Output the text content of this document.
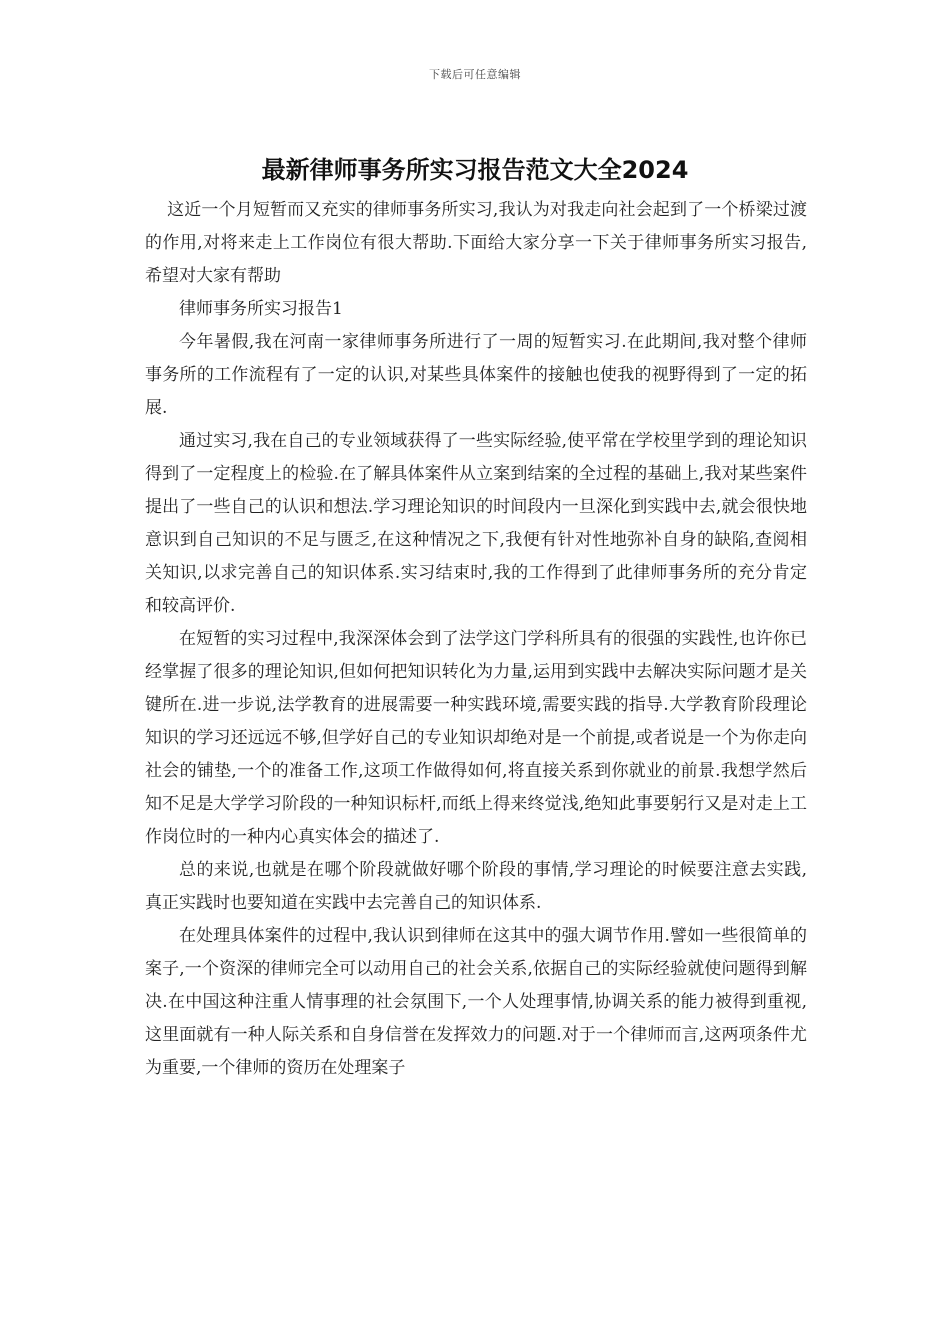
下载后可任意编辑
最新律师事务所实习报告范文大全2024

这近一个月短暂而又充实的律师事务所实习,我认为对我走向社会起到了一个桥梁过渡的作用,对将来走上工作岗位有很大帮助.下面给大家分享一下关于律师事务所实习报告,希望对大家有帮助

律师事务所实习报告1

今年暑假,我在河南一家律师事务所进行了一周的短暂实习.在此期间,我对整个律师事务所的工作流程有了一定的认识,对某些具体案件的接触也使我的视野得到了一定的拓展.

通过实习,我在自己的专业领域获得了一些实际经验,使平常在学校里学到的理论知识得到了一定程度上的检验.在了解具体案件从立案到结案的全过程的基础上,我对某些案件提出了一些自己的认识和想法.学习理论知识的时间段内一旦深化到实践中去,就会很快地意识到自己知识的不足与匮乏,在这种情况之下,我便有针对性地弥补自身的缺陷,查阅相关知识,以求完善自己的知识体系.实习结束时,我的工作得到了此律师事务所的充分肯定和较高评价.

在短暂的实习过程中,我深深体会到了法学这门学科所具有的很强的实践性,也许你已经掌握了很多的理论知识,但如何把知识转化为力量,运用到实践中去解决实际问题才是关键所在.进一步说,法学教育的进展需要一种实践环境,需要实践的指导.大学教育阶段理论知识的学习还远远不够,但学好自己的专业知识却绝对是一个前提,或者说是一个为你走向社会的铺垫,一个的准备工作,这项工作做得如何,将直接关系到你就业的前景.我想学然后知不足是大学学习阶段的一种知识标杆,而纸上得来终觉浅,绝知此事要躬行又是对走上工作岗位时的一种内心真实体会的描述了.

总的来说,也就是在哪个阶段就做好哪个阶段的事情,学习理论的时候要注意去实践,真正实践时也要知道在实践中去完善自己的知识体系.

在处理具体案件的过程中,我认识到律师在这其中的强大调节作用.譬如一些很简单的案子,一个资深的律师完全可以动用自己的社会关系,依据自己的实际经验就使问题得到解决.在中国这种注重人情事理的社会氛围下,一个人处理事情,协调关系的能力被得到重视,这里面就有一种人际关系和自身信誉在发挥效力的问题.对于一个律师而言,这两项条件尤为重要,一个律师的资历在处理案子
